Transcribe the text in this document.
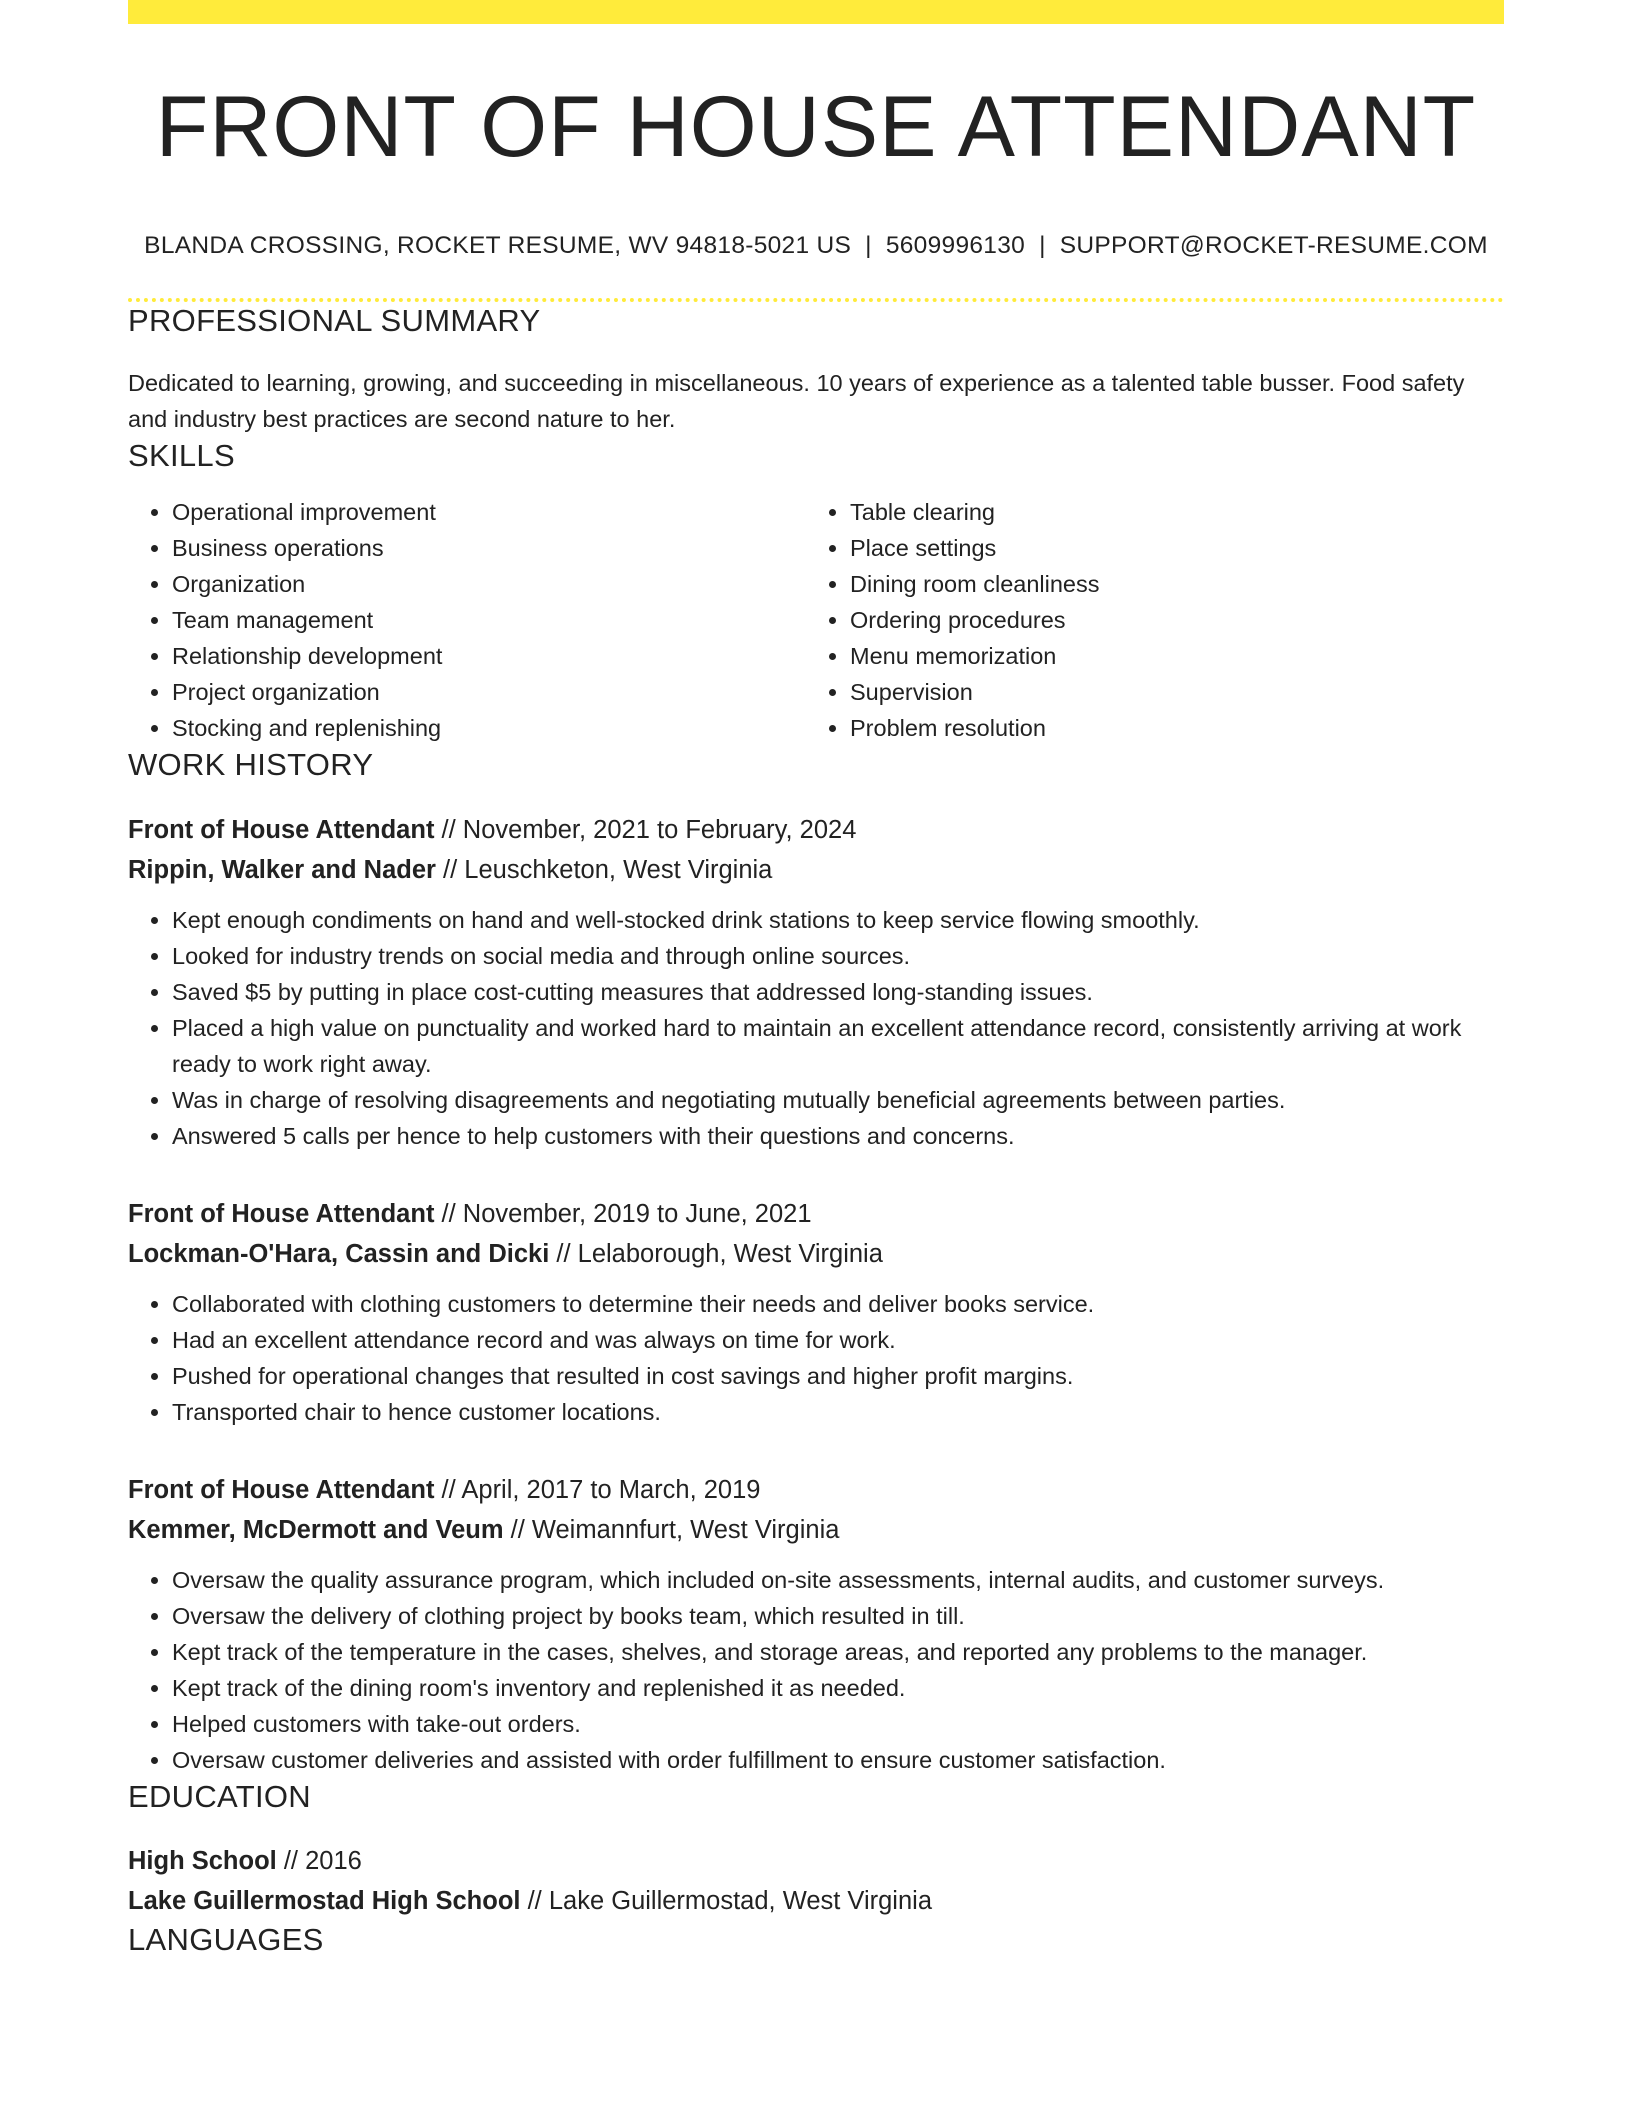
FRONT OF HOUSE ATTENDANT
BLANDA CROSSING, ROCKET RESUME, WV 94818-5021 US | 5609996130 | SUPPORT@ROCKET-RESUME.COM
PROFESSIONAL SUMMARY
Dedicated to learning, growing, and succeeding in miscellaneous. 10 years of experience as a talented table busser. Food safety and industry best practices are second nature to her.
SKILLS
• Operational improvement
• Business operations
• Organization
• Team management
• Relationship development
• Project organization
• Stocking and replenishing
• Table clearing
• Place settings
• Dining room cleanliness
• Ordering procedures
• Menu memorization
• Supervision
• Problem resolution
WORK HISTORY
Front of House Attendant // November, 2021 to February, 2024
Rippin, Walker and Nader // Leuschketon, West Virginia
• Kept enough condiments on hand and well-stocked drink stations to keep service flowing smoothly.
• Looked for industry trends on social media and through online sources.
• Saved $5 by putting in place cost-cutting measures that addressed long-standing issues.
• Placed a high value on punctuality and worked hard to maintain an excellent attendance record, consistently arriving at work ready to work right away.
• Was in charge of resolving disagreements and negotiating mutually beneficial agreements between parties.
• Answered 5 calls per hence to help customers with their questions and concerns.
Front of House Attendant // November, 2019 to June, 2021
Lockman-O'Hara, Cassin and Dicki // Lelaborough, West Virginia
• Collaborated with clothing customers to determine their needs and deliver books service.
• Had an excellent attendance record and was always on time for work.
• Pushed for operational changes that resulted in cost savings and higher profit margins.
• Transported chair to hence customer locations.
Front of House Attendant // April, 2017 to March, 2019
Kemmer, McDermott and Veum // Weimannfurt, West Virginia
• Oversaw the quality assurance program, which included on-site assessments, internal audits, and customer surveys.
• Oversaw the delivery of clothing project by books team, which resulted in till.
• Kept track of the temperature in the cases, shelves, and storage areas, and reported any problems to the manager.
• Kept track of the dining room's inventory and replenished it as needed.
• Helped customers with take-out orders.
• Oversaw customer deliveries and assisted with order fulfillment to ensure customer satisfaction.
EDUCATION
High School // 2016
Lake Guillermostad High School // Lake Guillermostad, West Virginia
LANGUAGES
